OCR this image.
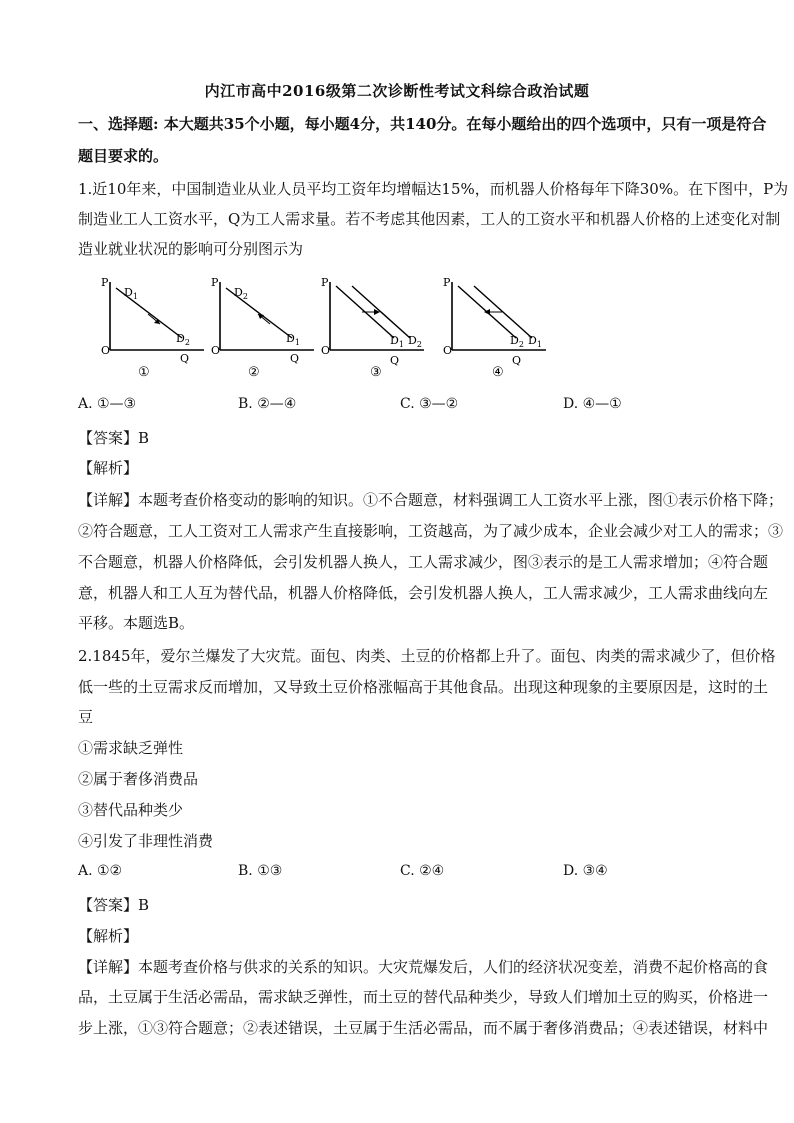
内江市高中2016级第二次诊断性考试文科综合政治试题
一、选择题: 本大题共35个小题，每小题4分，共140分。在每小题给出的四个选项中，只有一项是符合
题目要求的。
1.近10年来，中国制造业从业人员平均工资年均增幅达15%，而机器人价格每年下降30%。在下图中，P为
制造业工人工资水平，Q为工人需求量。若不考虑其他因素，工人的工资水平和机器人价格的上述变化对制
造业就业状况的影响可分别图示为
P
O
Q
$D_1$
$D_2$
①
P
O
Q
$D_2$
$D_1$
②
P
O
Q
$D_1$ $D_2$
③
P
O
Q
$D_2$ $D_1$
④
A. ①—③	B. ②—④	C. ③—②	D. ④—①
【答案】B
【解析】
【详解】本题考查价格变动的影响的知识。①不合题意，材料强调工人工资水平上涨，图①表示价格下降；
②符合题意，工人工资对工人需求产生直接影响，工资越高，为了减少成本，企业会减少对工人的需求；③
不合题意，机器人价格降低，会引发机器人换人，工人需求减少，图③表示的是工人需求增加；④符合题
意，机器人和工人互为替代品，机器人价格降低，会引发机器人换人，工人需求减少，工人需求曲线向左
平移。本题选B。
2.1845年，爱尔兰爆发了大灾荒。面包、肉类、土豆的价格都上升了。面包、肉类的需求减少了，但价格
低一些的土豆需求反而增加，又导致土豆价格涨幅高于其他食品。出现这种现象的主要原因是，这时的土
豆
①需求缺乏弹性
②属于奢侈消费品
③替代品种类少
④引发了非理性消费
A. ①②	B. ①③	C. ②④	D. ③④
【答案】B
【解析】
【详解】本题考查价格与供求的关系的知识。大灾荒爆发后，人们的经济状况变差，消费不起价格高的食
品，土豆属于生活必需品，需求缺乏弹性，而土豆的替代品种类少，导致人们增加土豆的购买，价格进一
步上涨，①③符合题意；②表述错误，土豆属于生活必需品，而不属于奢侈消费品；④表述错误，材料中
